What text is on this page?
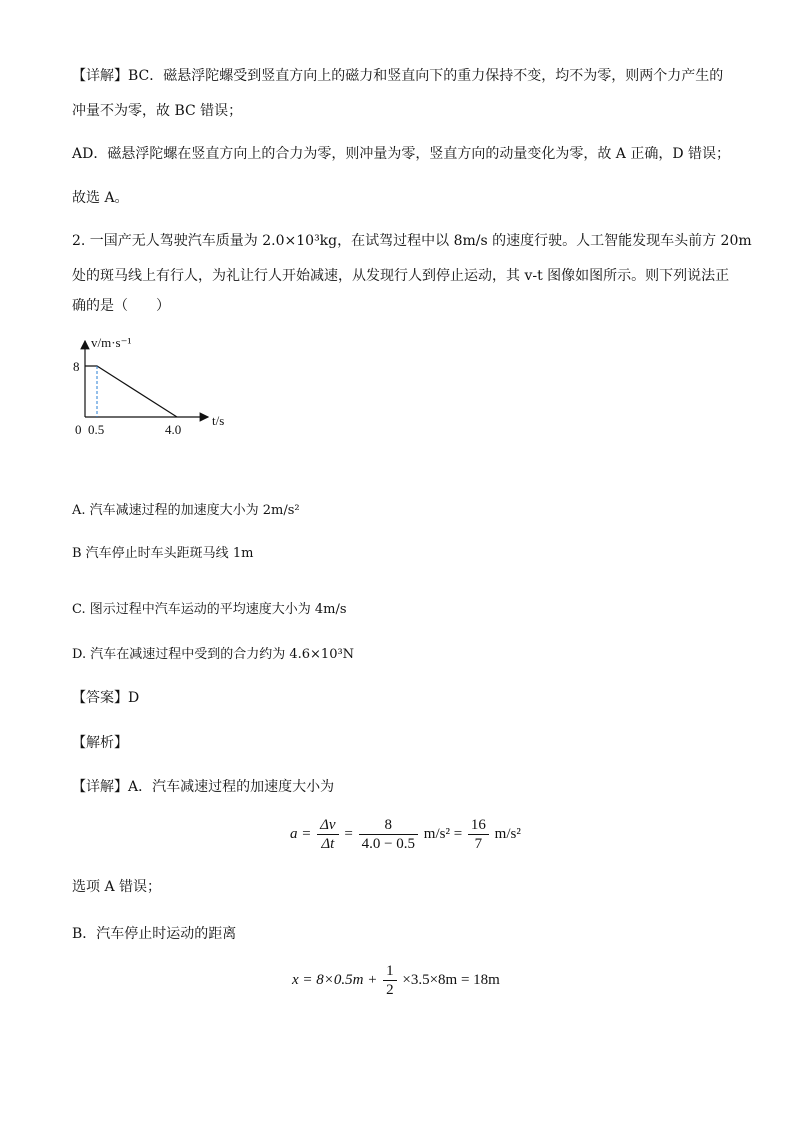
【详解】BC．磁悬浮陀螺受到竖直方向上的磁力和竖直向下的重力保持不变，均不为零，则两个力产生的
冲量不为零，故 BC 错误；
AD．磁悬浮陀螺在竖直方向上的合力为零，则冲量为零，竖直方向的动量变化为零，故 A 正确，D 错误；
故选 A。
2. 一国产无人驾驶汽车质量为 2.0×10³kg，在试驾过程中以 8m/s 的速度行驶。人工智能发现车头前方 20m
处的斑马线上有行人，为礼让行人开始减速，从发现行人到停止运动，其 v-t 图像如图所示。则下列说法正
确的是（　　）
v/m·s⁻¹
t/s
8
0 0.5	4.0
A. 汽车减速过程的加速度大小为 2m/s²
B 汽车停止时车头距斑马线 1m
C. 图示过程中汽车运动的平均速度大小为 4m/s
D. 汽车在减速过程中受到的合力约为 4.6×10³N
【答案】D
【解析】
【详解】A．汽车减速过程的加速度大小为
$a = \frac{\Delta v}{\Delta t} = \frac{8}{4.0 - 0.5} m/s^2 = \frac{16}{7} m/s^2$
选项 A 错误；
B．汽车停止时运动的距离
$x = 8\times 0.5m + \frac{1}{2} \times 3.5\times 8m = 18m$
